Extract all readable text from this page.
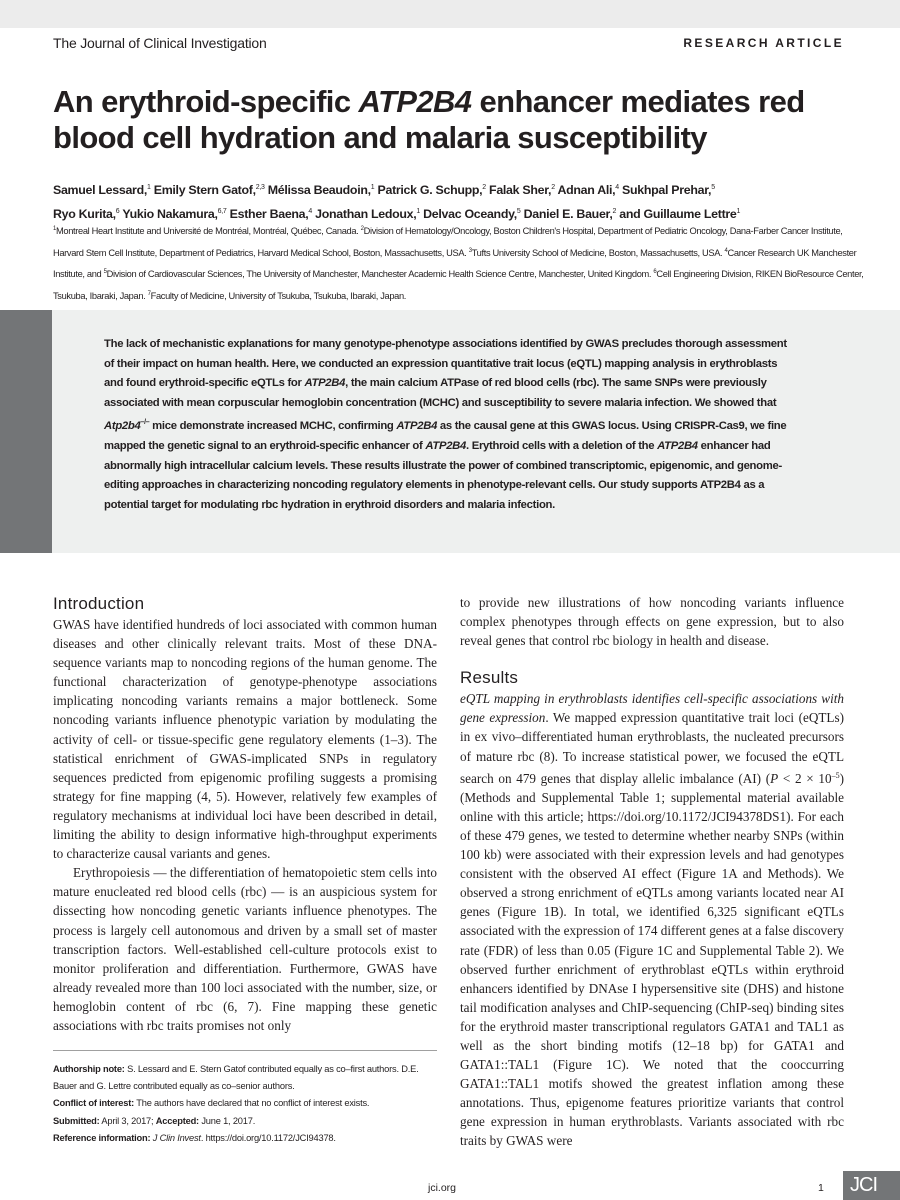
The Journal of Clinical Investigation	RESEARCH ARTICLE
An erythroid-specific ATP2B4 enhancer mediates red blood cell hydration and malaria susceptibility
Samuel Lessard,$^1$ Emily Stern Gatof,$^{2,3}$ Mélissa Beaudoin,$^1$ Patrick G. Schupp,$^2$ Falak Sher,$^2$ Adnan Ali,$^4$ Sukhpal Prehar,$^5$
Ryo Kurita,$^6$ Yukio Nakamura,$^{6,7}$ Esther Baena,$^4$ Jonathan Ledoux,$^1$ Delvac Oceandy,$^5$ Daniel E. Bauer,$^2$ and Guillaume Lettre$^1$
$^1$Montreal Heart Institute and Université de Montréal, Montréal, Québec, Canada. $^2$Division of Hematology/Oncology, Boston Children's Hospital, Department of Pediatric Oncology, Dana-Farber Cancer Institute, Harvard Stem Cell Institute, Department of Pediatrics, Harvard Medical School, Boston, Massachusetts, USA. $^3$Tufts University School of Medicine, Boston, Massachusetts, USA. $^4$Cancer Research UK Manchester Institute, and $^5$Division of Cardiovascular Sciences, The University of Manchester, Manchester Academic Health Science Centre, Manchester, United Kingdom. $^6$Cell Engineering Division, RIKEN BioResource Center, Tsukuba, Ibaraki, Japan. $^7$Faculty of Medicine, University of Tsukuba, Tsukuba, Ibaraki, Japan.

The lack of mechanistic explanations for many genotype-phenotype associations identified by GWAS precludes thorough assessment of their impact on human health. Here, we conducted an expression quantitative trait locus (eQTL) mapping analysis in erythroblasts and found erythroid-specific eQTLs for ATP2B4, the main calcium ATPase of red blood cells (rbc). The same SNPs were previously associated with mean corpuscular hemoglobin concentration (MCHC) and susceptibility to severe malaria infection. We showed that Atp2b4–/– mice demonstrate increased MCHC, confirming ATP2B4 as the causal gene at this GWAS locus. Using CRISPR-Cas9, we fine mapped the genetic signal to an erythroid-specific enhancer of ATP2B4. Erythroid cells with a deletion of the ATP2B4 enhancer had abnormally high intracellular calcium levels. These results illustrate the power of combined transcriptomic, epigenomic, and genome-editing approaches in characterizing noncoding regulatory elements in phenotype-relevant cells. Our study supports ATP2B4 as a potential target for modulating rbc hydration in erythroid disorders and malaria infection.

Introduction

GWAS have identified hundreds of loci associated with common human diseases and other clinically relevant traits. Most of these DNA-sequence variants map to noncoding regions of the human genome. The functional characterization of genotype-phenotype associations implicating noncoding variants remains a major bottleneck. Some noncoding variants influence phenotypic variation by modulating the activity of cell- or tissue-specific gene regulatory elements (1–3). The statistical enrichment of GWAS-implicated SNPs in regulatory sequences predicted from epigenomic profiling suggests a promising strategy for fine mapping (4, 5). However, relatively few examples of regulatory mechanisms at individual loci have been described in detail, limiting the ability to design informative high-throughput experiments to characterize causal variants and genes.

Erythropoiesis — the differentiation of hematopoietic stem cells into mature enucleated red blood cells (rbc) — is an auspicious system for dissecting how noncoding genetic variants influence phenotypes. The process is largely cell autonomous and driven by a small set of master transcription factors. Well-established cell-culture protocols exist to monitor proliferation and differentiation. Furthermore, GWAS have already revealed more than 100 loci associated with the number, size, or hemoglobin content of rbc (6, 7). Fine mapping these genetic associations with rbc traits promises not only

to provide new illustrations of how noncoding variants influence complex phenotypes through effects on gene expression, but to also reveal genes that control rbc biology in health and disease.

Results

eQTL mapping in erythroblasts identifies cell-specific associations with gene expression. We mapped expression quantitative trait loci (eQTLs) in ex vivo–differentiated human erythroblasts, the nucleated precursors of mature rbc (8). To increase statistical power, we focused the eQTL search on 479 genes that display allelic imbalance (AI) $(P < 2 \times 10^{-5})$ (Methods and Supplemental Table 1; supplemental material available online with this article; https://doi.org/10.1172/JCI94378DS1). For each of these 479 genes, we tested to determine whether nearby SNPs (within 100 kb) were associated with their expression levels and had genotypes consistent with the observed AI effect (Figure 1A and Methods). We observed a strong enrichment of eQTLs among variants located near AI genes (Figure 1B). In total, we identified 6,325 significant eQTLs associated with the expression of 174 different genes at a false discovery rate (FDR) of less than 0.05 (Figure 1C and Supplemental Table 2). We observed further enrichment of erythroblast eQTLs within erythroid enhancers identified by DNAse I hypersensitive site (DHS) and histone tail modification analyses and ChIP-sequencing (ChIP-seq) binding sites for the erythroid master transcriptional regulators GATA1 and TAL1 as well as the short binding motifs (12–18 bp) for GATA1 and GATA1::TAL1 (Figure 1C). We noted that the cooccurring GATA1::TAL1 motifs showed the greatest inflation among these annotations. Thus, epigenome features prioritize variants that control gene expression in human erythroblasts. Variants associated with rbc traits by GWAS were

Authorship note: S. Lessard and E. Stern Gatof contributed equally as co–first authors. D.E. Bauer and G. Lettre contributed equally as co–senior authors.
Conflict of interest: The authors have declared that no conflict of interest exists.
Submitted: April 3, 2017; Accepted: June 1, 2017.
Reference information: J Clin Invest. https://doi.org/10.1172/JCI94378.
jci.org	1	JCI
